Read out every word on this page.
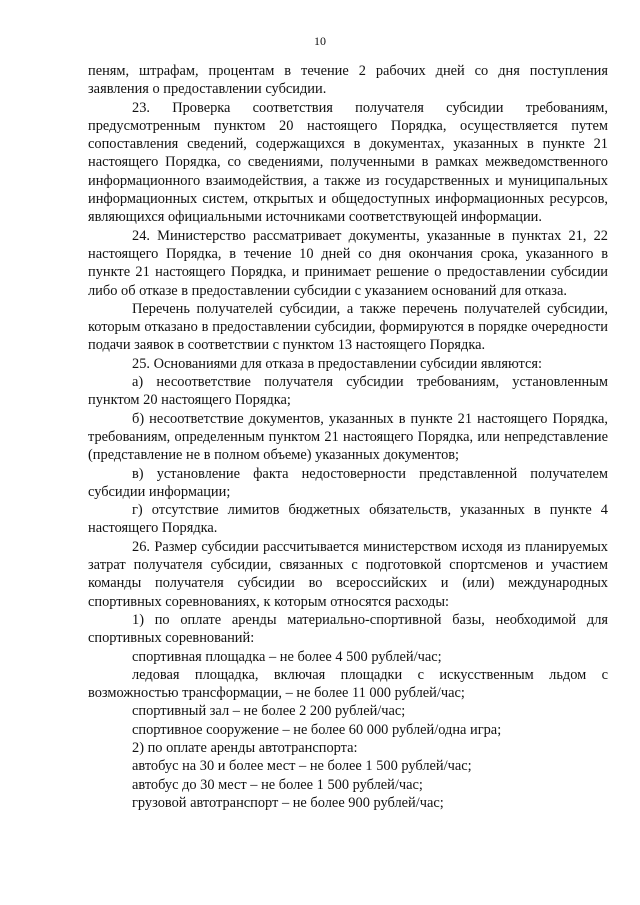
10

пеням, штрафам, процентам в течение 2 рабочих дней со дня поступления заявления о предоставлении субсидии.

23. Проверка соответствия получателя субсидии требованиям, предусмотренным пунктом 20 настоящего Порядка, осуществляется путем сопоставления сведений, содержащихся в документах, указанных в пункте 21 настоящего Порядка, со сведениями, полученными в рамках межведомственного информационного взаимодействия, а также из государственных и муниципальных информационных систем, открытых и общедоступных информационных ресурсов, являющихся официальными источниками соответствующей информации.

24. Министерство рассматривает документы, указанные в пунктах 21, 22 настоящего Порядка, в течение 10 дней со дня окончания срока, указанного в пункте 21 настоящего Порядка, и принимает решение о предоставлении субсидии либо об отказе в предоставлении субсидии с указанием оснований для отказа.

Перечень получателей субсидии, а также перечень получателей субсидии, которым отказано в предоставлении субсидии, формируются в порядке очередности подачи заявок в соответствии с пунктом 13 настоящего Порядка.

25. Основаниями для отказа в предоставлении субсидии являются:

а) несоответствие получателя субсидии требованиям, установленным пунктом 20 настоящего Порядка;

б) несоответствие документов, указанных в пункте 21 настоящего Порядка, требованиям, определенным пунктом 21 настоящего Порядка, или непредставление (представление не в полном объеме) указанных документов;

в) установление факта недостоверности представленной получателем субсидии информации;

г) отсутствие лимитов бюджетных обязательств, указанных в пункте 4 настоящего Порядка.

26. Размер субсидии рассчитывается министерством исходя из планируемых затрат получателя субсидии, связанных с подготовкой спортсменов и участием команды получателя субсидии во всероссийских и (или) международных спортивных соревнованиях, к которым относятся расходы:

1) по оплате аренды материально-спортивной базы, необходимой для спортивных соревнований:

спортивная площадка – не более 4 500 рублей/час;

ледовая площадка, включая площадки с искусственным льдом с возможностью трансформации, – не более 11 000 рублей/час;

спортивный зал – не более 2 200 рублей/час;

спортивное сооружение – не более 60 000 рублей/одна игра;

2) по оплате аренды автотранспорта:

автобус на 30 и более мест – не более 1 500 рублей/час;

автобус до 30 мест – не более 1 500 рублей/час;

грузовой автотранспорт – не более 900 рублей/час;
